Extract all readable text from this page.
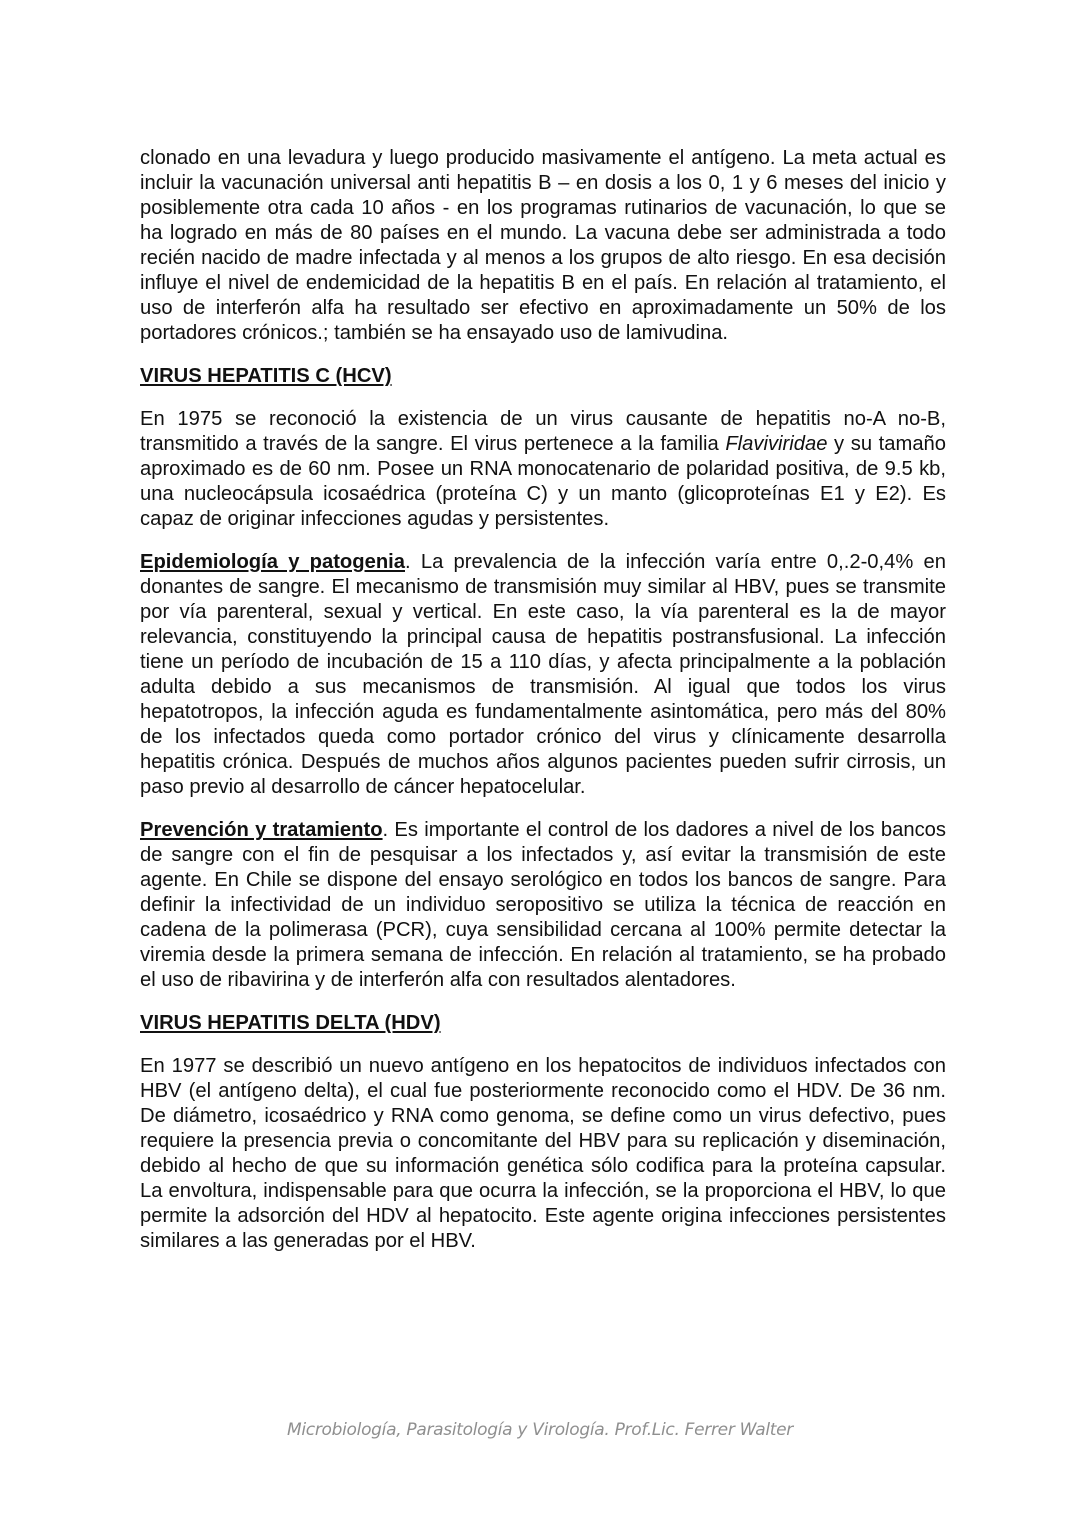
clonado en una levadura y luego producido masivamente el antígeno. La meta actual es incluir la vacunación universal anti hepatitis B – en dosis a los 0, 1 y 6 meses del inicio y posiblemente otra cada 10 años - en los programas rutinarios de vacunación, lo que se ha logrado en más de 80 países en el mundo. La vacuna debe ser administrada a todo recién nacido de madre infectada y al menos a los grupos de alto riesgo. En esa decisión influye el nivel de endemicidad de la hepatitis B en el país. En relación al tratamiento, el uso de interferón alfa ha resultado ser efectivo en aproximadamente un 50% de los portadores crónicos.; también se ha ensayado uso de lamivudina.

VIRUS HEPATITIS C (HCV)

En 1975 se reconoció la existencia de un virus causante de hepatitis no-A no-B, transmitido a través de la sangre. El virus pertenece a la familia Flaviviridae y su tamaño aproximado es de 60 nm. Posee un RNA monocatenario de polaridad positiva, de 9.5 kb, una nucleocápsula icosaédrica (proteína C) y un manto (glicoproteínas E1 y E2). Es capaz de originar infecciones agudas y persistentes.

Epidemiología y patogenia. La prevalencia de la infección varía entre 0,.2-0,4% en donantes de sangre. El mecanismo de transmisión muy similar al HBV, pues se transmite por vía parenteral, sexual y vertical. En este caso, la vía parenteral es la de mayor relevancia, constituyendo la principal causa de hepatitis postransfusional. La infección tiene un período de incubación de 15 a 110 días, y afecta principalmente a la población adulta debido a sus mecanismos de transmisión. Al igual que todos los virus hepatotropos, la infección aguda es fundamentalmente asintomática, pero más del 80% de los infectados queda como portador crónico del virus y clínicamente desarrolla hepatitis crónica. Después de muchos años algunos pacientes pueden sufrir cirrosis, un paso previo al desarrollo de cáncer hepatocelular.

Prevención y tratamiento. Es importante el control de los dadores a nivel de los bancos de sangre con el fin de pesquisar a los infectados y, así evitar la transmisión de este agente. En Chile se dispone del ensayo serológico en todos los bancos de sangre. Para definir la infectividad de un individuo seropositivo se utiliza la técnica de reacción en cadena de la polimerasa (PCR), cuya sensibilidad cercana al 100% permite detectar la viremia desde la primera semana de infección. En relación al tratamiento, se ha probado el uso de ribavirina y de interferón alfa con resultados alentadores.

VIRUS HEPATITIS DELTA (HDV)

En 1977 se describió un nuevo antígeno en los hepatocitos de individuos infectados con HBV (el antígeno delta), el cual fue posteriormente reconocido como el HDV. De 36 nm. De diámetro, icosaédrico y RNA como genoma, se define como un virus defectivo, pues requiere la presencia previa o concomitante del HBV para su replicación y diseminación, debido al hecho de que su información genética sólo codifica para la proteína capsular. La envoltura, indispensable para que ocurra la infección, se la proporciona el HBV, lo que permite la adsorción del HDV al hepatocito. Este agente origina infecciones persistentes similares a las generadas por el HBV.

Microbiología, Parasitología y Virología. Prof.Lic. Ferrer Walter
